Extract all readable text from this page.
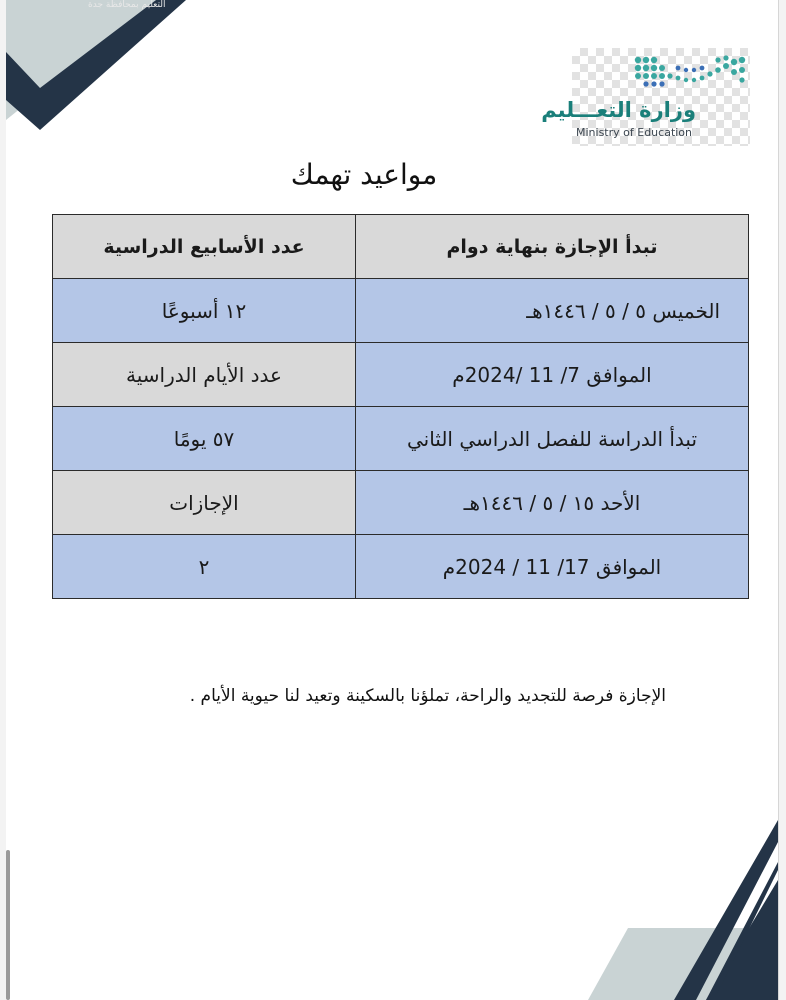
التعليم بمحافظة جدة
وزارة التعـــليم
Ministry of Education
مواعيد تهمك
تبدأ الإجازة بنهاية دوام	عدد الأسابيع الدراسية
الخميس ٥ / ٥ / ١٤٤٦هـ	١٢ أسبوعًا
الموافق 7/ 11 /2024م	عدد الأيام الدراسية
تبدأ الدراسة للفصل الدراسي الثاني	٥٧ يومًا
الأحد ١٥ / ٥ / ١٤٤٦هـ	الإجازات
الموافق 17/ 11 / 2024م	٢
الإجازة فرصة للتجديد والراحة، تملؤنا بالسكينة وتعيد لنا حيوية الأيام .
